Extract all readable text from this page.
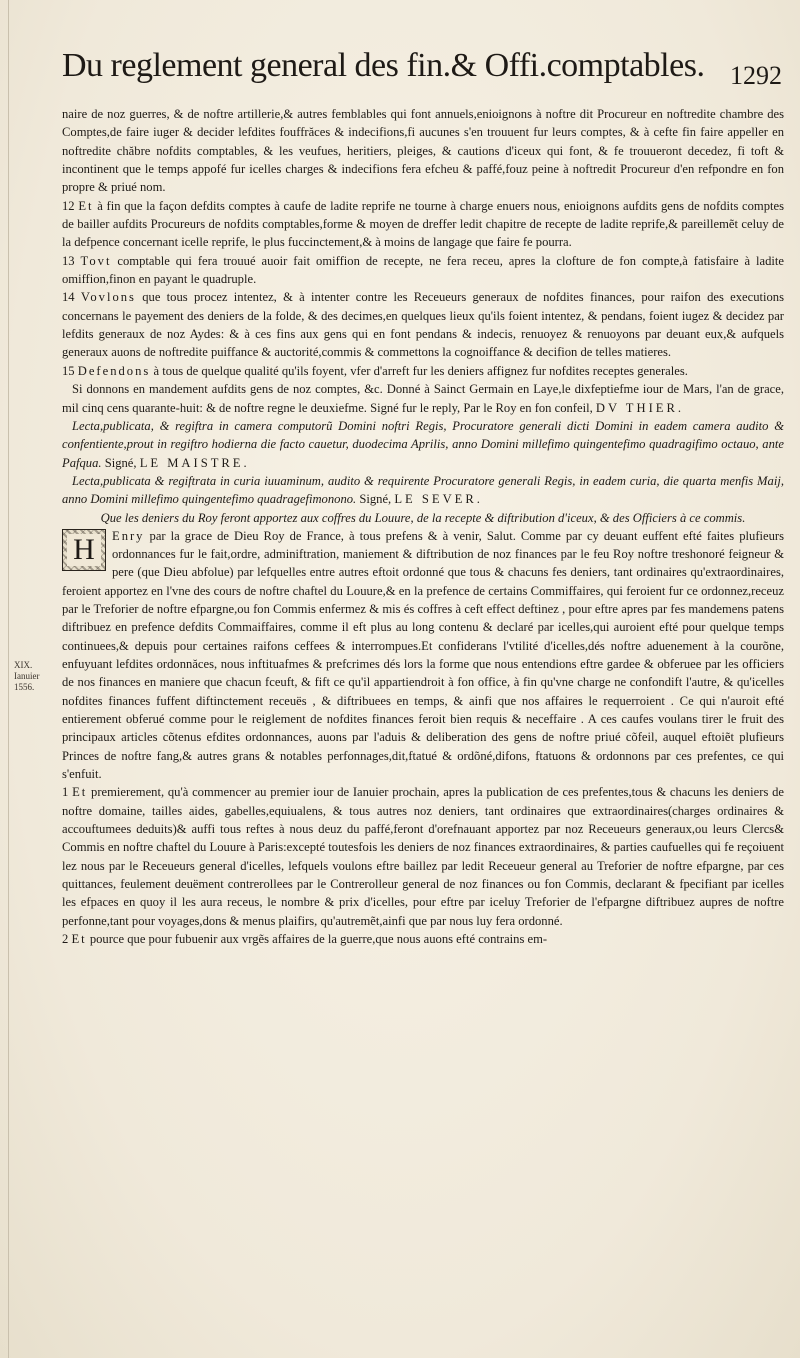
Du reglement general des fin.& Offi.comptables. 1292
XIX. Ianuier 1556.

naire de noz guerres, & de noftre artillerie,& autres femblables qui font annuels,enioignons à noftre dit Procureur en noftredite chambre des Comptes,de faire iuger & decider lefdites fouffrăces & indecifions,fi aucunes s'en trouuent fur leurs comptes, & à cefte fin faire appeller en noftredite chăbre nofdits comptables, & les veufues, heritiers, pleiges, & cautions d'iceux qui font, & fe trouueront decedez, fi toft & incontinent que le temps appofé fur icelles charges & indecifions fera efcheu & paffé,fouz peine à noftredit Procureur d'en refpondre en fon propre & priué nom.

12 Et à fin que la façon defdits comptes à caufe de ladite reprife ne tourne à charge enuers nous, enioignons aufdits gens de nofdits comptes de bailler aufdits Procureurs de nofdits comptables,forme & moyen de dreffer ledit chapitre de recepte de ladite reprife,& pareillemẽt celuy de la defpence concernant icelle reprife, le plus fuccinctement,& à moins de langage que faire fe pourra.

13 Tovt comptable qui fera trouué auoir fait omiffion de recepte, ne fera receu, apres la clofture de fon compte,à fatisfaire à ladite omiffion,finon en payant le quadruple.

14 Vovlons que tous procez intentez, & à intenter contre les Receueurs generaux de nofdites finances, pour raifon des executions concernans le payement des deniers de la folde, & des decimes,en quelques lieux qu'ils foient intentez, & pendans, foient iugez & decidez par lefdits generaux de noz Aydes: & à ces fins aux gens qui en font pendans & indecis, renuoyez & renuoyons par deuant eux,& aufquels generaux auons de noftredite puiffance & auctorité,commis & commettons la cognoiffance & decifion de telles matieres.

15 Defendons à tous de quelque qualité qu'ils foyent, vfer d'arreft fur les deniers affignez fur nofdites receptes generales.

Si donnons en mandement aufdits gens de noz comptes, &c. Donné à Sainct Germain en Laye,le dixfeptiefme iour de Mars, l'an de grace, mil cinq cens quarante-huit: & de noftre regne le deuxiefme. Signé fur le reply, Par le Roy en fon confeil, DV THIER.

Lecta,publicata, & regiftra in camera computorũ Domini noftri Regis, Procuratore generali dicti Domini in eadem camera audito & confentiente,prout in regiftro hodierna die facto cauetur, duodecima Aprilis, anno Domini millefimo quingentefimo quadragifimo octauo, ante Pafqua. Signé, LE MAISTRE.

Lecta,publicata & regiftrata in curia iuuaminum, audito & requirente Procuratore generali Regis, in eadem curia, die quarta menfis Maij, anno Domini millefimo quingentefimo quadragefimonono. Signé, LE SEVER.

Que les deniers du Roy feront apportez aux coffres du Louure, de la recepte & diftribution d'iceux, & des Officiers à ce commis.

H	Enry par la grace de Dieu Roy de France, à tous prefens & à venir, Salut. Comme par cy deuant euffent efté faites plufieurs ordonnances fur le fait,ordre, adminiftration, maniement & diftribution de noz finances par le feu Roy noftre treshonoré feigneur & pere (que Dieu abfolue) par lefquelles entre autres eftoit ordonné que tous & chacuns fes deniers, tant ordinaires qu'extraordinaires, feroient apportez en l'vne des cours de noftre chaftel du Louure,& en la prefence de certains Commiffaires, qui feroient fur ce ordonnez,receuz par le Treforier de noftre efpargne,ou fon Commis enfermez & mis és coffres à ceft effect deftinez , pour eftre apres par fes mandemens patens diftribuez en prefence defdits Commaiffaires, comme il eft plus au long contenu & declaré par icelles,qui auroient efté pour quelque temps continuees,& depuis pour certaines raifons ceffees & interrompues.Et confiderans l'vtilité d'icelles,dés noftre aduenement à la courõne, enfuyuant lefdites ordonnăces, nous inftituafmes & prefcrimes dés lors la forme que nous entendions eftre gardee & obferuee par les officiers de nos finances en maniere que chacun fceuft, & fift ce qu'il appartiendroit à fon office, à fin qu'vne charge ne confondift l'autre, & qu'icelles nofdites finances fuffent diftinctement receuës , & diftribuees en temps, & ainfi que nos affaires le requerroient . Ce qui n'auroit efté entierement obferué comme pour le reiglement de nofdites finances feroit bien requis & neceffaire . A ces caufes voulans tirer le fruit des principaux articles cõtenus efdites ordonnances, auons par l'aduis & deliberation des gens de noftre priué cõfeil, auquel eftoiẽt plufieurs Princes de noftre fang,& autres grans & notables perfonnages,dit,ftatué & ordõné,difons, ftatuons & ordonnons par ces prefentes, ce qui s'enfuit.

1 Et premierement, qu'à commencer au premier iour de Ianuier prochain, apres la publication de ces prefentes,tous & chacuns les deniers de noftre domaine, tailles aides, gabelles,equiualens, & tous autres noz deniers, tant ordinaires que extraordinaires(charges ordinaires & accouftumees deduits)& auffi tous reftes à nous deuz du paffé,feront d'orefnauant apportez par noz Receueurs generaux,ou leurs Clercs& Commis en noftre chaftel du Louure à Paris:excepté toutesfois les deniers de noz finances extraordinaires, & parties caufuelles qui fe reçoiuent lez nous par le Receueurs general d'icelles, lefquels voulons eftre baillez par ledit Receueur general au Treforier de noftre efpargne, par ces quittances, feulement deuëment contrerollees par le Contrerolleur general de noz finances ou fon Commis, declarant & fpecifiant par icelles les efpaces en quoy il les aura receus, le nombre & prix d'icelles, pour eftre par iceluy Treforier de l'efpargne diftribuez aupres de noftre perfonne,tant pour voyages,dons & menus plaifirs, qu'autremẽt,ainfi que par nous luy fera ordonné.

2 Et pource que pour fubuenir aux vrgẽs affaires de la guerre,que nous auons efté contrains em-
